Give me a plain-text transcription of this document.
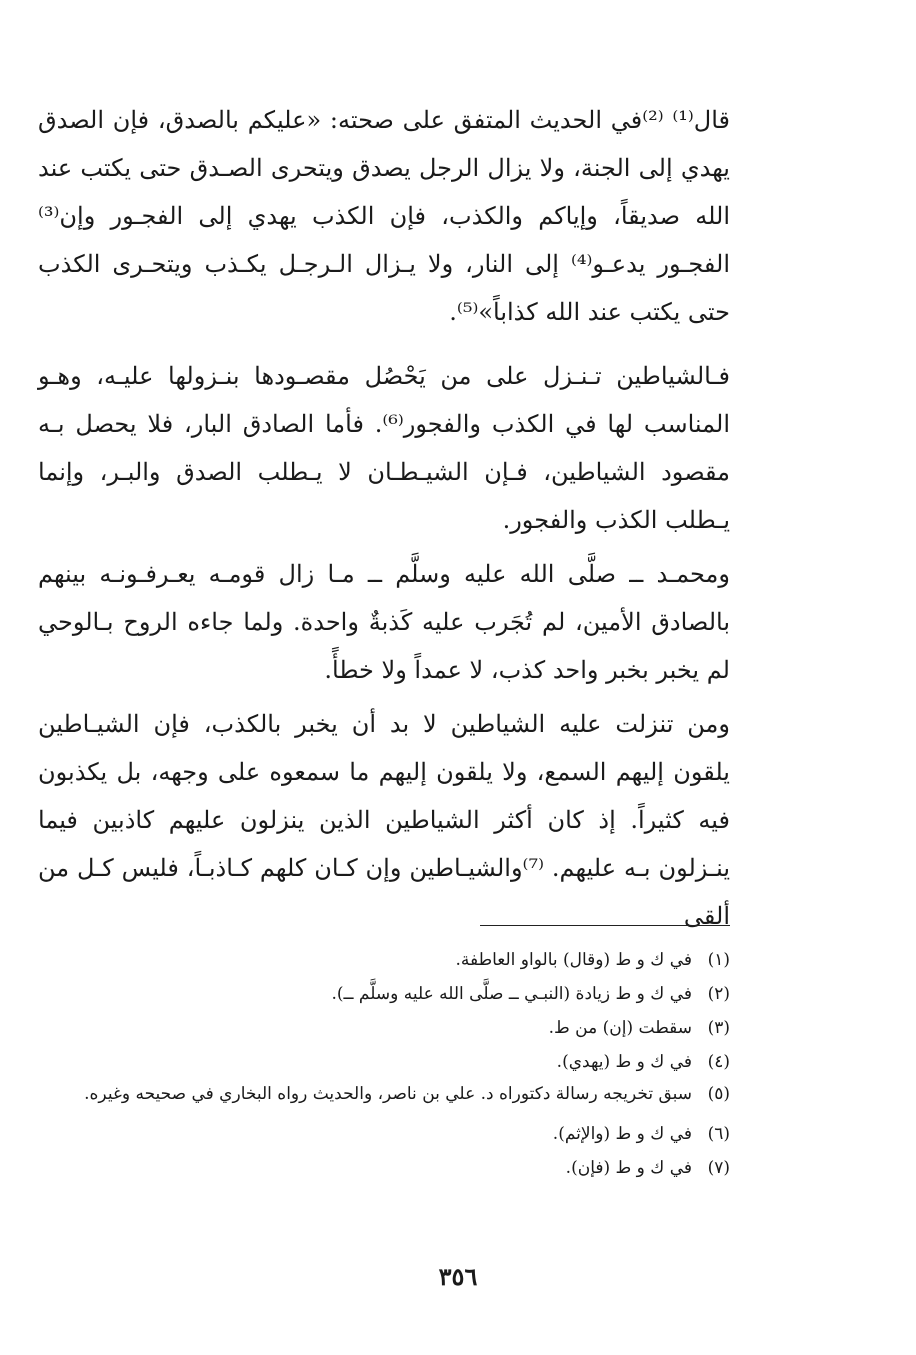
قال⁽¹⁾ ⁽²⁾في الحديث المتفق على صحته: «عليكم بالصدق، فإن الصدق يهدي إلى الجنة، ولا يزال الرجل يصدق ويتحرى الصـدق حتى يكتب عند الله صديقاً، وإياكم والكذب، فإن الكذب يهدي إلى الفجـور وإن⁽³⁾ الفجـور يدعـو⁽⁴⁾ إلى النار، ولا يـزال الـرجـل يكـذب ويتحـرى الكذب حتى يكتب عند الله كذاباً»⁽⁵⁾.

فـالشياطين تـنـزل على من يَحْصُل مقصـودها بنـزولها عليـه، وهـو المناسب لها في الكذب والفجور⁽⁶⁾. فأما الصادق البار، فلا يحصل بـه مقصود الشياطين، فـإن الشيـطـان لا يـطلب الصدق والبـر، وإنما يـطلب الكذب والفجور.

ومحمـد ــ صلَّى الله عليه وسلَّم ــ مـا زال قومـه يعـرفـونـه بينهم بالصادق الأمين، لم تُجَرب عليه كَذبةٌ واحدة. ولما جاءه الروح بـالوحي لم يخبر بخبر واحد كذب، لا عمداً ولا خطأً.

ومن تنزلت عليه الشياطين لا بد أن يخبر بالكذب، فإن الشيـاطين يلقون إليهم السمع، ولا يلقون إليهم ما سمعوه على وجهه، بل يكذبون فيه كثيراً. إذ كان أكثر الشياطين الذين ينزلون عليهم كاذبين فيما ينـزلون بـه عليهم. ⁽⁷⁾والشيـاطين وإن كـان كلهم كـاذبـاً، فليس كـل من ألقى

(١)
في ك و ط (وقال) بالواو العاطفة.
(٢)
في ك و ط زيادة (النبـي ــ صلَّى الله عليه وسلَّم ــ).
(٣)
سقطت (إن) من ط.
(٤)
في ك و ط (يهدي).
(٥)
سبق تخريجه رسالة دكتوراه د. علي بن ناصر، والحديث رواه البخاري في صحيحه وغيره.
(٦)
في ك و ط (والإثم).
(٧)
في ك و ط (فإن).
٣٥٦
